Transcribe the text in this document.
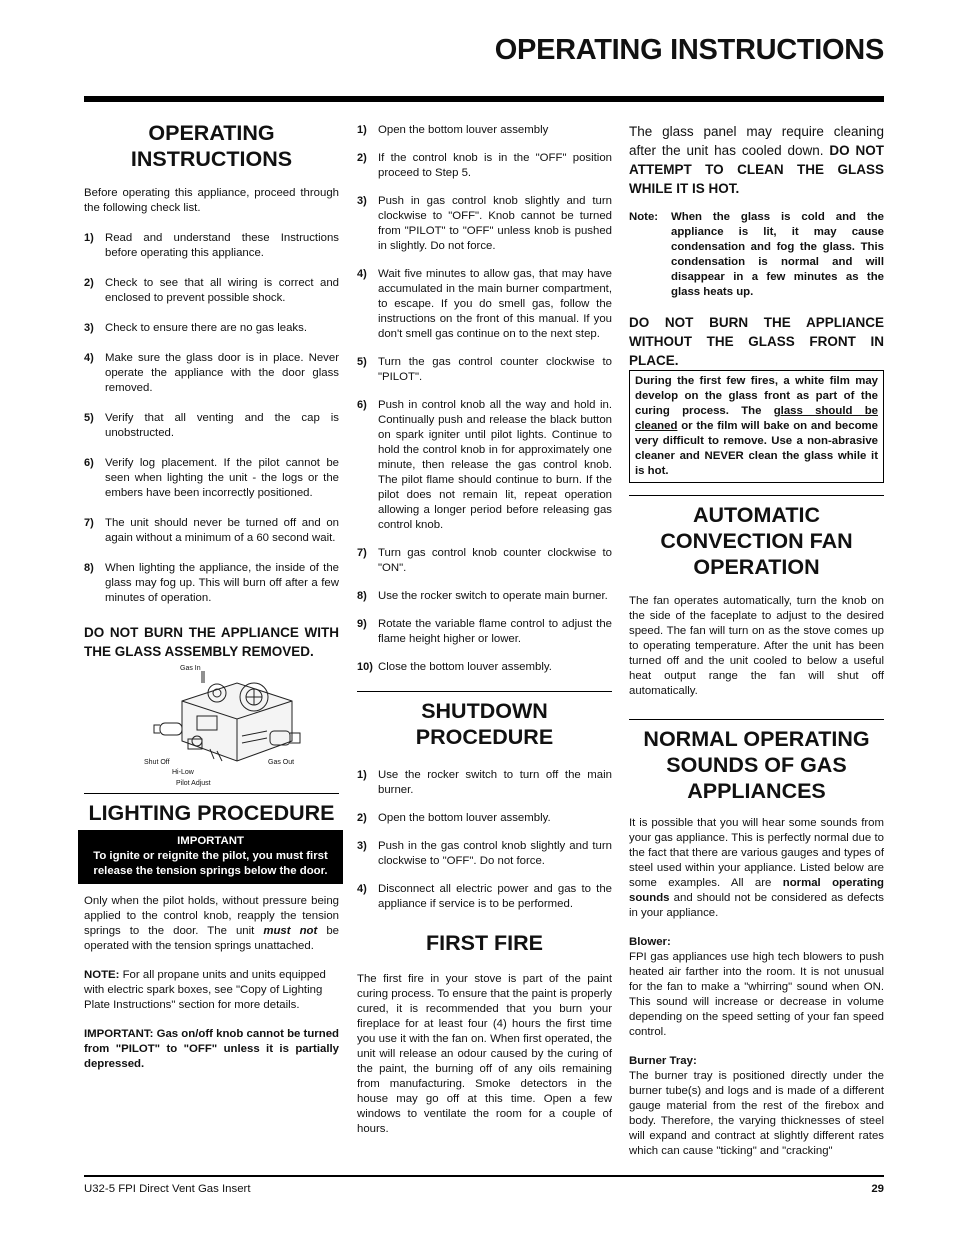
OPERATING INSTRUCTIONS
OPERATING INSTRUCTIONS

Before operating this appliance, proceed through the following check list.

1) Read and understand these Instructions before operating this appliance.
2) Check to see that all wiring is correct and enclosed to prevent possible shock.
3) Check to ensure there are no gas leaks.
4) Make sure the glass door is in place. Never operate the appliance with the door glass removed.
5) Verify that all venting and the cap is unobstructed.
6) Verify log placement. If the pilot cannot be seen when lighting the unit - the logs or the embers have been incorrectly positioned.
7) The unit should never be turned off and on again without a minimum of a 60 second wait.
8) When lighting the appliance, the inside of the glass may fog up. This will burn off after a few minutes of operation.
DO NOT BURN THE APPLIANCE WITH THE GLASS ASSEMBLY REMOVED.
Gas In
Shut Off
Hi-Low
Pilot Adjust
Gas Out
LIGHTING PROCEDURE
IMPORTANT
To ignite or reignite the pilot, you must first release the tension springs below the door.

Only when the pilot holds, without pressure being applied to the control knob, reapply the tension springs to the door. The unit must not be operated with the tension springs unattached.

NOTE: For all propane units and units equipped with electric spark boxes, see "Copy of Lighting Plate Instructions" section for more details.

IMPORTANT: Gas on/off knob cannot be turned from "PILOT" to "OFF" unless it is partially depressed.

1) Open the bottom louver assembly
2) If the control knob is in the "OFF" position proceed to Step 5.
3) Push in gas control knob slightly and turn clockwise to "OFF". Knob cannot be turned from "PILOT" to "OFF" unless knob is pushed in slightly. Do not force.
4) Wait five minutes to allow gas, that may have accumulated in the main burner compartment, to escape. If you do smell gas, follow the instructions on the front of this manual. If you don't smell gas continue on to the next step.
5) Turn the gas control counter clockwise to "PILOT".
6) Push in control knob all the way and hold in. Continually push and release the black button on spark igniter until pilot lights. Continue to hold the control knob in for approximately one minute, then release the gas control knob. The pilot flame should continue to burn. If the pilot does not remain lit, repeat operation allowing a longer period before releasing gas control knob.
7) Turn gas control knob counter clockwise to "ON".
8) Use the rocker switch to operate main burner.
9) Rotate the variable flame control to adjust the flame height higher or lower.
10) Close the bottom louver assembly.
SHUTDOWN PROCEDURE
1) Use the rocker switch to turn off the main burner.
2) Open the bottom louver assembly.
3) Push in the gas control knob slightly and turn clockwise to "OFF". Do not force.
4) Disconnect all electric power and gas to the appliance if service is to be performed.
FIRST FIRE

The first fire in your stove is part of the paint curing process. To ensure that the paint is properly cured, it is recommended that you burn your fireplace for at least four (4) hours the first time you use it with the fan on. When first operated, the unit will release an odour caused by the curing of the paint, the burning off of any oils remaining from manufacturing. Smoke detectors in the house may go off at this time. Open a few windows to ventilate the room for a couple of hours.

The glass panel may require cleaning after the unit has cooled down. DO NOT ATTEMPT TO CLEAN THE GLASS WHILE IT IS HOT.

Note:	When the glass is cold and the appliance is lit, it may cause condensation and fog the glass. This condensation is normal and will disappear in a few minutes as the glass heats up.
DO NOT BURN THE APPLIANCE WITHOUT THE GLASS FRONT IN PLACE.
During the first few fires, a white film may develop on the glass front as part of the curing process. The glass should be cleaned or the film will bake on and become very difficult to remove. Use a non-abrasive cleaner and NEVER clean the glass while it is hot.
AUTOMATIC CONVECTION FAN OPERATION

The fan operates automatically, turn the knob on the side of the faceplate to adjust to the desired speed. The fan will turn on as the stove comes up to operating temperature. After the unit has been turned off and the unit cooled to below a useful heat output range the fan will shut off automatically.

NORMAL OPERATING SOUNDS OF GAS APPLIANCES

It is possible that you will hear some sounds from your gas appliance. This is perfectly normal due to the fact that there are various gauges and types of steel used within your appliance. Listed below are some examples. All are normal operating sounds and should not be considered as defects in your appliance.

Blower:

FPI gas appliances use high tech blowers to push heated air farther into the room. It is not unusual for the fan to make a "whirring" sound when ON. This sound will increase or decrease in volume depending on the speed setting of your fan speed control.

Burner Tray:

The burner tray is positioned directly under the burner tube(s) and logs and is made of a different gauge material from the rest of the firebox and body. Therefore, the varying thicknesses of steel will expand and contract at slightly different rates which can cause "ticking" and "cracking"

U32-5 FPI Direct Vent Gas Insert	29
